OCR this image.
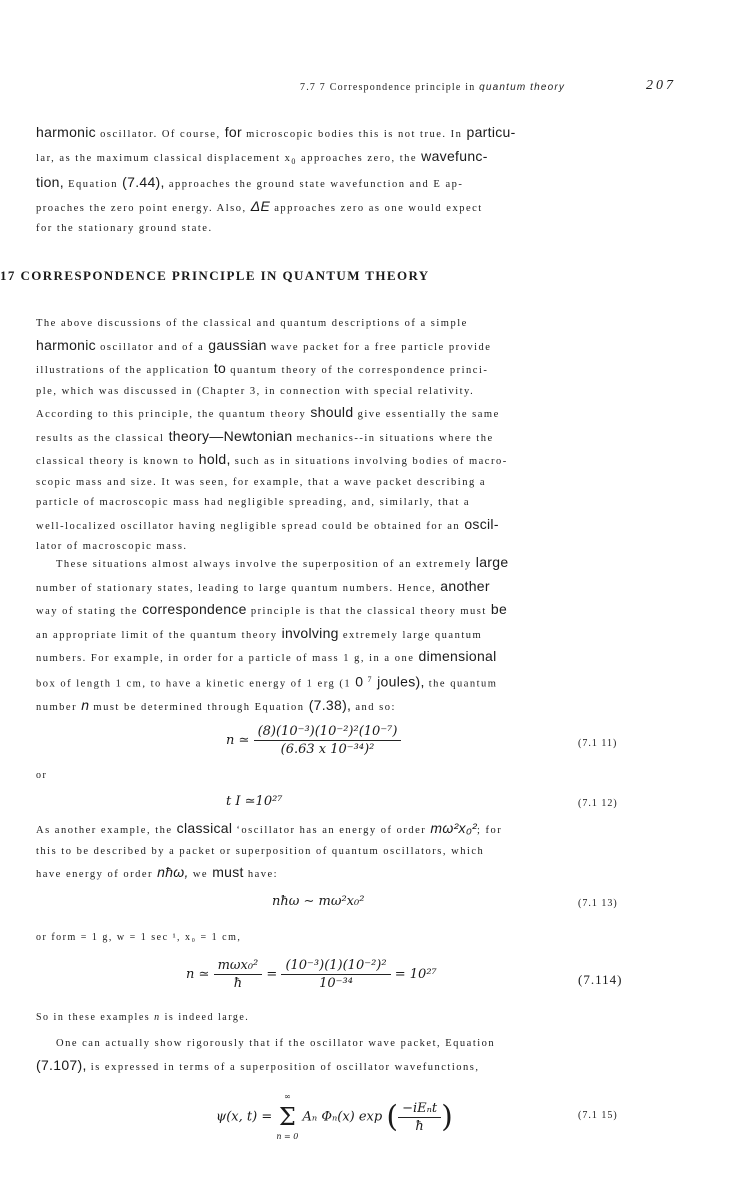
7.7 7 Correspondence principle in quantum theory	207
harmonic oscillator. Of course, for microscopic bodies this is not true. In particu-
lar, as the maximum classical displacement $x_0$ approaches zero, the wavefunc-
tion, Equation (7.44), approaches the ground state wavefunction and E ap-
proaches the zero point energy. Also, ΔE approaches zero as one would expect
for the stationary ground state.
17 CORRESPONDENCE PRINCIPLE IN QUANTUM THEORY
The above discussions of the classical and quantum descriptions of a simple
harmonic oscillator and of a gaussian wave packet for a free particle provide
illustrations of the application to quantum theory of the correspondence princi-
ple, which was discussed in (Chapter 3, in connection with special relativity.
According to this principle, the quantum theory should give essentially the same
results as the classical theory—Newtonian mechanics--in situations where the
classical theory is known to hold, such as in situations involving bodies of macro-
scopic mass and size. It was seen, for example, that a wave packet describing a
particle of macroscopic mass had negligible spreading, and, similarly, that a
well-localized oscillator having negligible spread could be obtained for an oscil-
lator of macroscopic mass.
These situations almost always involve the superposition of an extremely large
number of stationary states, leading to large quantum numbers. Hence, another
way of stating the correspondence principle is that the classical theory must be
an appropriate limit of the quantum theory involving extremely large quantum
numbers. For example, in order for a particle of mass 1 g, in a one dimensional
box of length 1 cm, to have a kinetic energy of 1 erg (1 0 $^7$ joules), the quantum
number n must be determined through Equation (7.38), and so:
n ≃ $\frac{\text{(8)(10⁻³)(10⁻²)²(10⁻⁷)}}{\text{(6.63 x 10⁻³⁴)²}}$	(7.1 11)
or
t I ≃10²⁷	(7.1 12)
As another example, the classical ‘oscillator has an energy of order mω²x₀²; for
this to be described by a packet or superposition of quantum oscillators, which
have energy of order nħω, we must have:
nħω ∼ mω²x₀²	(7.1 13)
or form = 1 g, w = 1 sec ¹, x₀ = 1 cm,
n ≃ $\frac{\text{mωx₀²}}{ħ} = \frac{\text{(10⁻³)(1)(10⁻²)²}}{\text{10⁻³⁴}} = 10^{27}$	(7.114)
So in these examples n is indeed large.
One can actually show rigorously that if the oscillator wave packet, Equation
(7.107), is expressed in terms of a superposition of oscillator wavefunctions,
ψ(x, t) =
∞
Σ
n = 0
Aₙ Φₙ(x) exp ( $\frac{\text{−iEₙt}}{ħ}$ )	(7.1 15)
